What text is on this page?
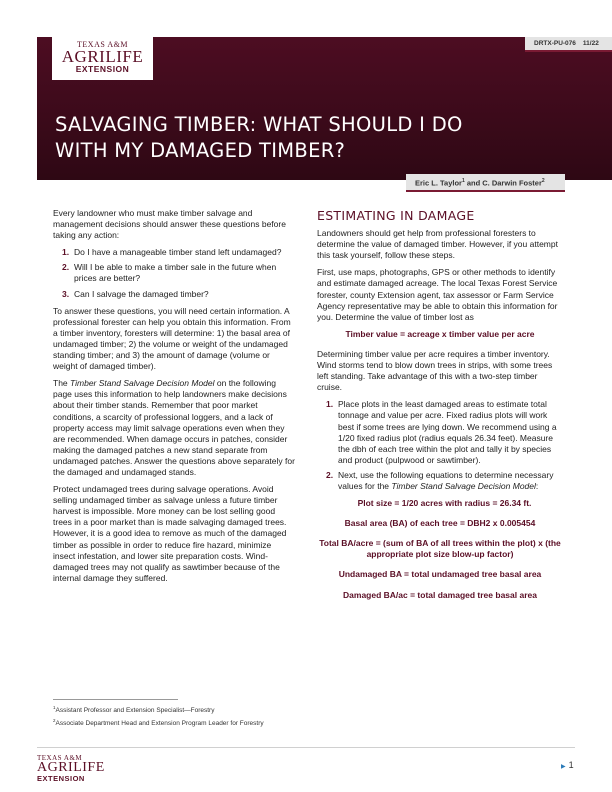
TEXAS A&M
AGRILIFE
EXTENSION
DRTX-PU-076 11/22
SALVAGING TIMBER: WHAT SHOULD I DO
WITH MY DAMAGED TIMBER?
Eric L. Taylor$^1$ and C. Darwin Foster$^2$

Every landowner who must make timber salvage and management decisions should answer these questions before taking any action:

1. Do I have a manageable timber stand left undamaged?
2. Will I be able to make a timber sale in the future when prices are better?
3. Can I salvage the damaged timber?

To answer these questions, you will need certain information. A professional forester can help you obtain this information. From a timber inventory, foresters will determine: 1) the basal area of undamaged timber; 2) the volume or weight of the undamaged standing timber; and 3) the amount of damage (volume or weight of damaged timber).

The Timber Stand Salvage Decision Model on the following page uses this information to help landowners make decisions about their timber stands. Remember that poor market conditions, a scarcity of professional loggers, and a lack of property access may limit salvage operations even when they are recommended. When damage occurs in patches, consider making the damaged patches a new stand separate from undamaged patches. Answer the questions above separately for the damaged and undamaged stands.

Protect undamaged trees during salvage operations. Avoid selling undamaged timber as salvage unless a future timber harvest is impossible. More money can be lost selling good trees in a poor market than is made salvaging damaged trees. However, it is a good idea to remove as much of the damaged timber as possible in order to reduce fire hazard, minimize insect infestation, and lower site preparation costs. Wind-damaged trees may not qualify as sawtimber because of the internal damage they suffered.

ESTIMATING IN DAMAGE

Landowners should get help from professional foresters to determine the value of damaged timber. However, if you attempt this task yourself, follow these steps.

First, use maps, photographs, GPS or other methods to identify and estimate damaged acreage. The local Texas Forest Service forester, county Extension agent, tax assessor or Farm Service Agency representative may be able to obtain this information for you. Determine the value of timber lost as

Timber value = acreage x timber value per acre

Determining timber value per acre requires a timber inventory. Wind storms tend to blow down trees in strips, with some trees left standing. Take advantage of this with a two-step timber cruise.

1. Place plots in the least damaged areas to estimate total tonnage and value per acre. Fixed radius plots will work best if some trees are lying down. We recommend using a 1/20 fixed radius plot (radius equals 26.34 feet). Measure the dbh of each tree within the plot and tally it by species and product (pulpwood or sawtimber).
2. Next, use the following equations to determine necessary values for the Timber Stand Salvage Decision Model:
Plot size = 1/20 acres with radius = 26.34 ft.
Basal area (BA) of each tree = DBH2 x 0.005454
Total BA/acre = (sum of BA of all trees within the plot) x (the appropriate plot size blow-up factor)
Undamaged BA = total undamaged tree basal area
Damaged BA/ac = total damaged tree basal area
$^1$Assistant Professor and Extension Specialist—Forestry
$^2$Associate Department Head and Extension Program Leader for Forestry
TEXAS A&M
AGRILIFE
EXTENSION
▶ 1
